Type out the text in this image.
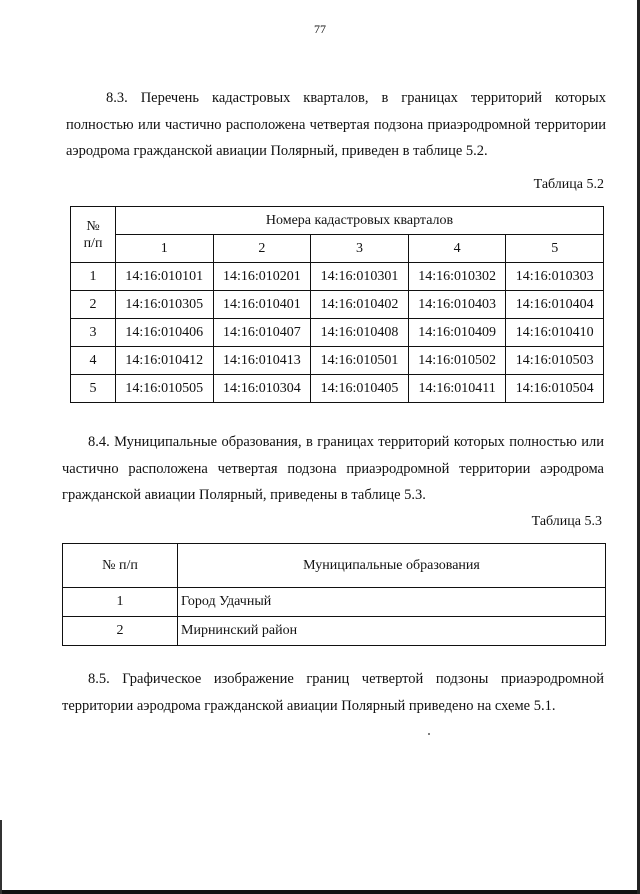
77

8.3. Перечень кадастровых кварталов, в границах территорий которых полностью или частично расположена четвертая подзона приаэродромной территории аэродрома гражданской авиации Полярный, приведен в таблице 5.2.

Таблица 5.2
№
п/п	Номера кадастровых кварталов				
	1	2	3	4	5
1	14:16:010101	14:16:010201	14:16:010301	14:16:010302	14:16:010303
2	14:16:010305	14:16:010401	14:16:010402	14:16:010403	14:16:010404
3	14:16:010406	14:16:010407	14:16:010408	14:16:010409	14:16:010410
4	14:16:010412	14:16:010413	14:16:010501	14:16:010502	14:16:010503
5	14:16:010505	14:16:010304	14:16:010405	14:16:010411	14:16:010504

8.4. Муниципальные образования, в границах территорий которых полностью или частично расположена четвертая подзона приаэродромной территории аэродрома гражданской авиации Полярный, приведены в таблице 5.3.

Таблица 5.3
№ п/п	Муниципальные образования
1	Город Удачный
2	Мирнинский район

8.5. Графическое изображение границ четвертой подзоны приаэродромной территории аэродрома гражданской авиации Полярный приведено на схеме 5.1.
